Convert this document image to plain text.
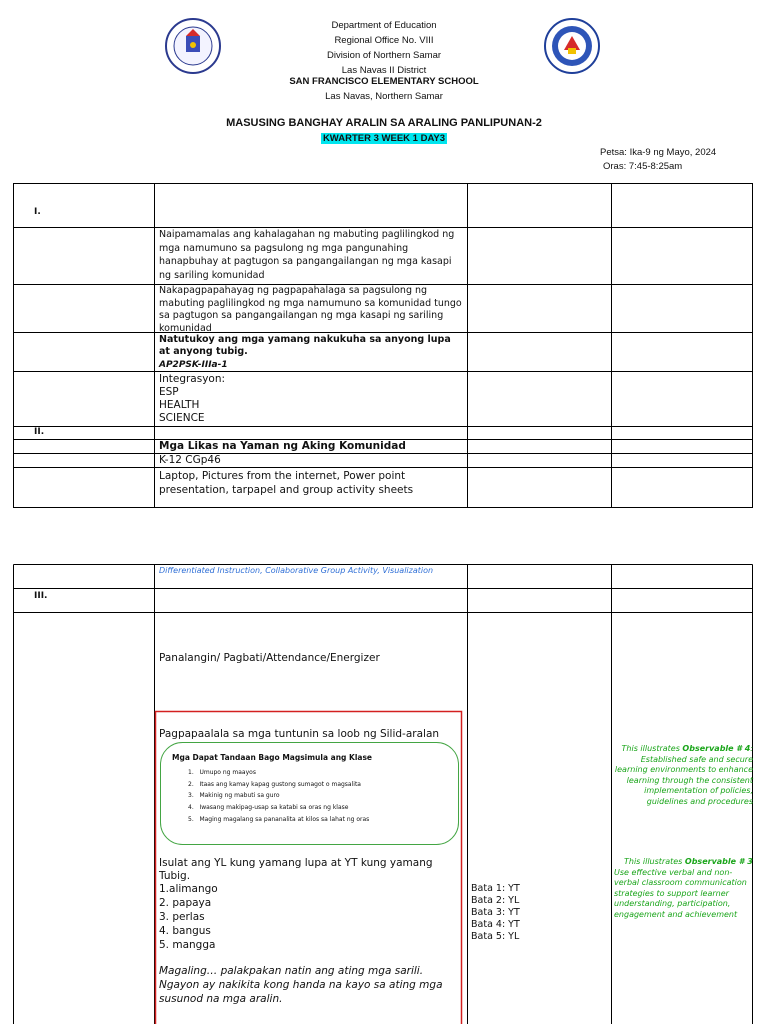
Department of Education
Regional Office No. VIII
Division of Northern Samar
Las Navas II District
SAN FRANCISCO ELEMENTARY SCHOOL
Las Navas, Northern Samar
MASUSING BANGHAY ARALIN SA ARALING PANLIPUNAN-2
KWARTER 3 WEEK 1 DAY3
Petsa: Ika-9 ng Mayo, 2024
Oras: 7:45-8:25am
I.
Naipamamalas ang kahalagahan ng mabuting paglilingkod ng mga namumuno sa pagsulong ng mga pangunahing hanapbuhay at pagtugon sa pangangailangan ng mga kasapi ng sariling komunidad
Nakapagpapahayag ng pagpapahalaga sa pagsulong ng mabuting paglilingkod ng mga namumuno sa komunidad tungo sa pagtugon sa pangangailangan ng mga kasapi ng sariling komunidad
Natutukoy ang mga yamang nakukuha sa anyong lupa at anyong tubig.
AP2PSK-IIIa-1
Integrasyon:
ESP
HEALTH
SCIENCE
II.
Mga Likas na Yaman ng Aking Komunidad
K-12 CGp46
Laptop, Pictures from the internet, Power point presentation, tarpapel and group activity sheets
Differentiated Instruction, Collaborative Group Activity, Visualization
III.
Panalangin/ Pagbati/Attendance/Energizer
Pagpapaalala sa mga tuntunin sa loob ng Silid-aralan
Mga Dapat Tandaan Bago Magsimula ang Klase
1.   Umupo ng maayos
2.   Itaas ang kamay kapag gustong sumagot o magsalita
3.   Makinig ng mabuti sa guro
4.   Iwasang makipag-usap sa katabi sa oras ng klase
5.   Maging magalang sa pananalita at kilos sa lahat ng oras
Isulat ang YL kung yamang lupa at YT kung yamang Tubig.
1.alimango
2. papaya
3. perlas
4. bangus
5. mangga
Bata 1: YT
Bata 2: YL
Bata 3: YT
Bata 4: YT
Bata 5: YL
Magaling… palakpakan natin ang ating mga sarili. Ngayon ay nakikita kong handa na kayo sa ating mga susunod na mga aralin.
This illustrates Observable # 4: Established safe and secure learning environments to enhance learning through the consistent implementation of policies, guidelines and procedures
This illustrates Observable # 3 Use effective verbal and non-verbal classroom communication strategies to support learner understanding, participation, engagement and achievement
